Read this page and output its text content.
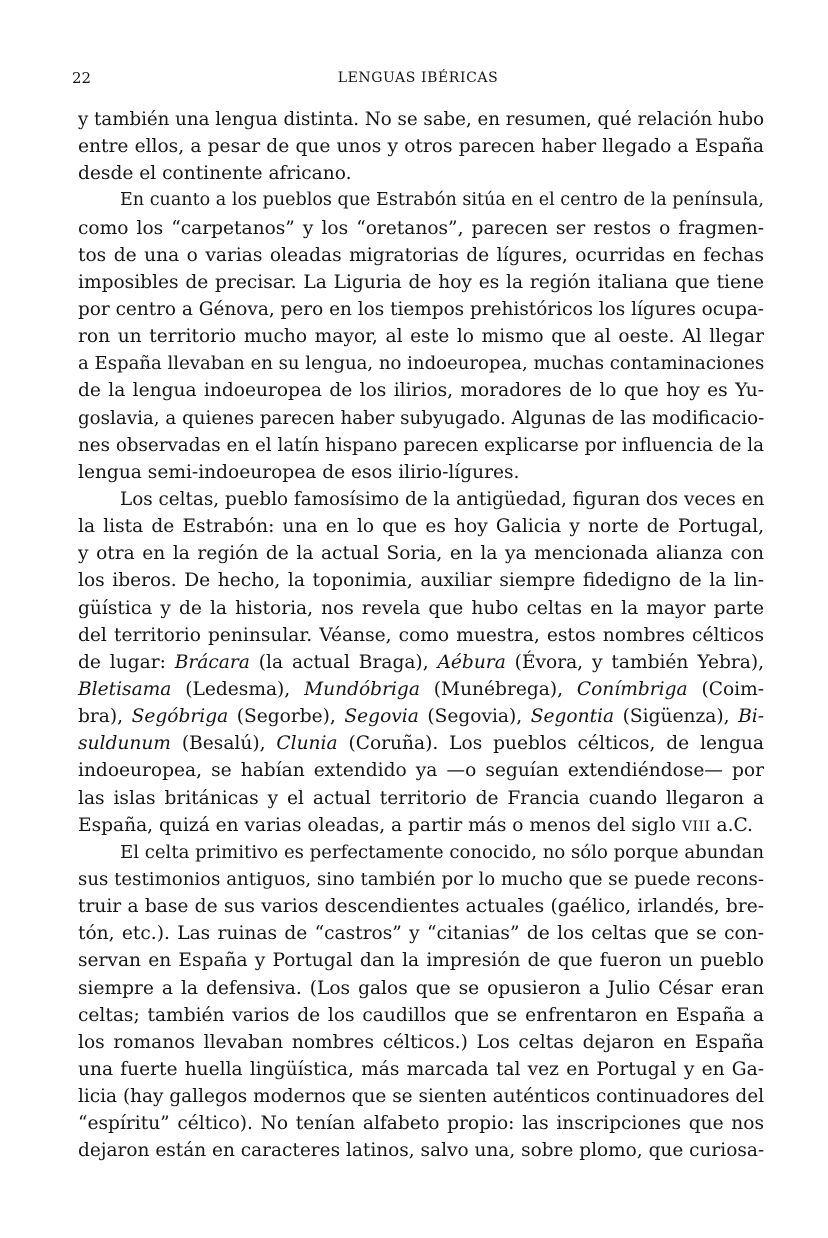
22	LENGUAS IBÉRICAS
y también una lengua distinta. No se sabe, en resumen, qué relación hubo
entre ellos, a pesar de que unos y otros parecen haber llegado a España
desde el continente africano.
En cuanto a los pueblos que Estrabón sitúa en el centro de la península,
como los “carpetanos” y los “oretanos”, parecen ser restos o fragmen-
tos de una o varias oleadas migratorias de lígures, ocurridas en fechas
imposibles de precisar. La Liguria de hoy es la región italiana que tiene
por centro a Génova, pero en los tiempos prehistóricos los lígures ocupa-
ron un territorio mucho mayor, al este lo mismo que al oeste. Al llegar
a España llevaban en su lengua, no indoeuropea, muchas contaminaciones
de la lengua indoeuropea de los ilirios, moradores de lo que hoy es Yu-
goslavia, a quienes parecen haber subyugado. Algunas de las modificacio-
nes observadas en el latín hispano parecen explicarse por influencia de la
lengua semi-indoeuropea de esos ilirio-lígures.
Los celtas, pueblo famosísimo de la antigüedad, figuran dos veces en
la lista de Estrabón: una en lo que es hoy Galicia y norte de Portugal,
y otra en la región de la actual Soria, en la ya mencionada alianza con
los iberos. De hecho, la toponimia, auxiliar siempre fidedigno de la lin-
güística y de la historia, nos revela que hubo celtas en la mayor parte
del territorio peninsular. Véanse, como muestra, estos nombres célticos
de lugar: Brácara (la actual Braga), Aébura (Évora, y también Yebra),
Bletisama (Ledesma), Mundóbriga (Munébrega), Conímbriga (Coim-
bra), Segóbriga (Segorbe), Segovia (Segovia), Segontia (Sigüenza), Bi-
suldunum (Besalú), Clunia (Coruña). Los pueblos célticos, de lengua
indoeuropea, se habían extendido ya —o seguían extendiéndose— por
las islas británicas y el actual territorio de Francia cuando llegaron a
España, quizá en varias oleadas, a partir más o menos del siglo VIII a.C.
El celta primitivo es perfectamente conocido, no sólo porque abundan
sus testimonios antiguos, sino también por lo mucho que se puede recons-
truir a base de sus varios descendientes actuales (gaélico, irlandés, bre-
tón, etc.). Las ruinas de “castros” y “citanias” de los celtas que se con-
servan en España y Portugal dan la impresión de que fueron un pueblo
siempre a la defensiva. (Los galos que se opusieron a Julio César eran
celtas; también varios de los caudillos que se enfrentaron en España a
los romanos llevaban nombres célticos.) Los celtas dejaron en España
una fuerte huella lingüística, más marcada tal vez en Portugal y en Ga-
licia (hay gallegos modernos que se sienten auténticos continuadores del
“espíritu” céltico). No tenían alfabeto propio: las inscripciones que nos
dejaron están en caracteres latinos, salvo una, sobre plomo, que curiosa-
